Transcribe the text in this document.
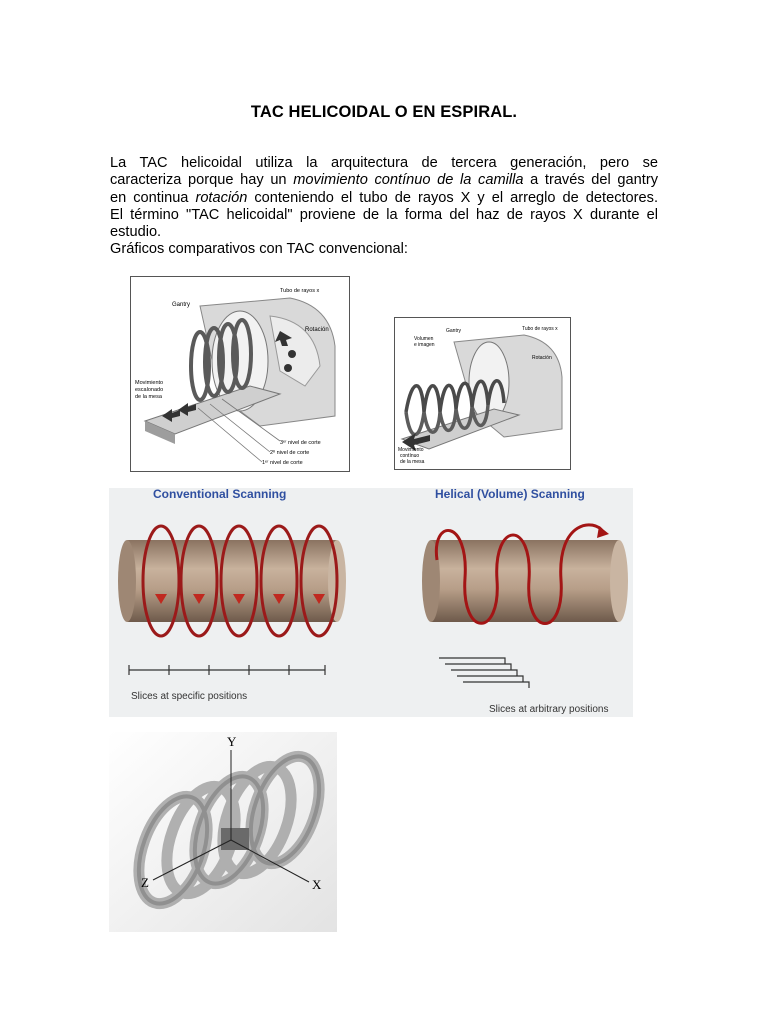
TAC HELICOIDAL O EN ESPIRAL.
La TAC helicoidal utiliza la arquitectura de tercera generación, pero se
caracteriza porque hay un movimiento contínuo de la camilla a través del gantry
en continua rotación conteniendo el tubo de rayos X y el arreglo de detectores.
El término "TAC helicoidal" proviene de la forma del haz de rayos X durante el
estudio.
Gráficos comparativos con TAC convencional:
Gantry
Tubo de rayos x
Rotación
Movimiento
escalonado
de la mesa
3ᵉʳ nivel de corte
2º nivel de corte
1ᵉʳ nivel de corte
Gantry	Tubo de rayos x
Volumen
e imagen
Rotación
Movimiento
contínuo
de la mesa
Conventional Scanning	Helical (Volume) Scanning
Slices at specific positions
Slices at arbitrary positions
Y
Z	X
